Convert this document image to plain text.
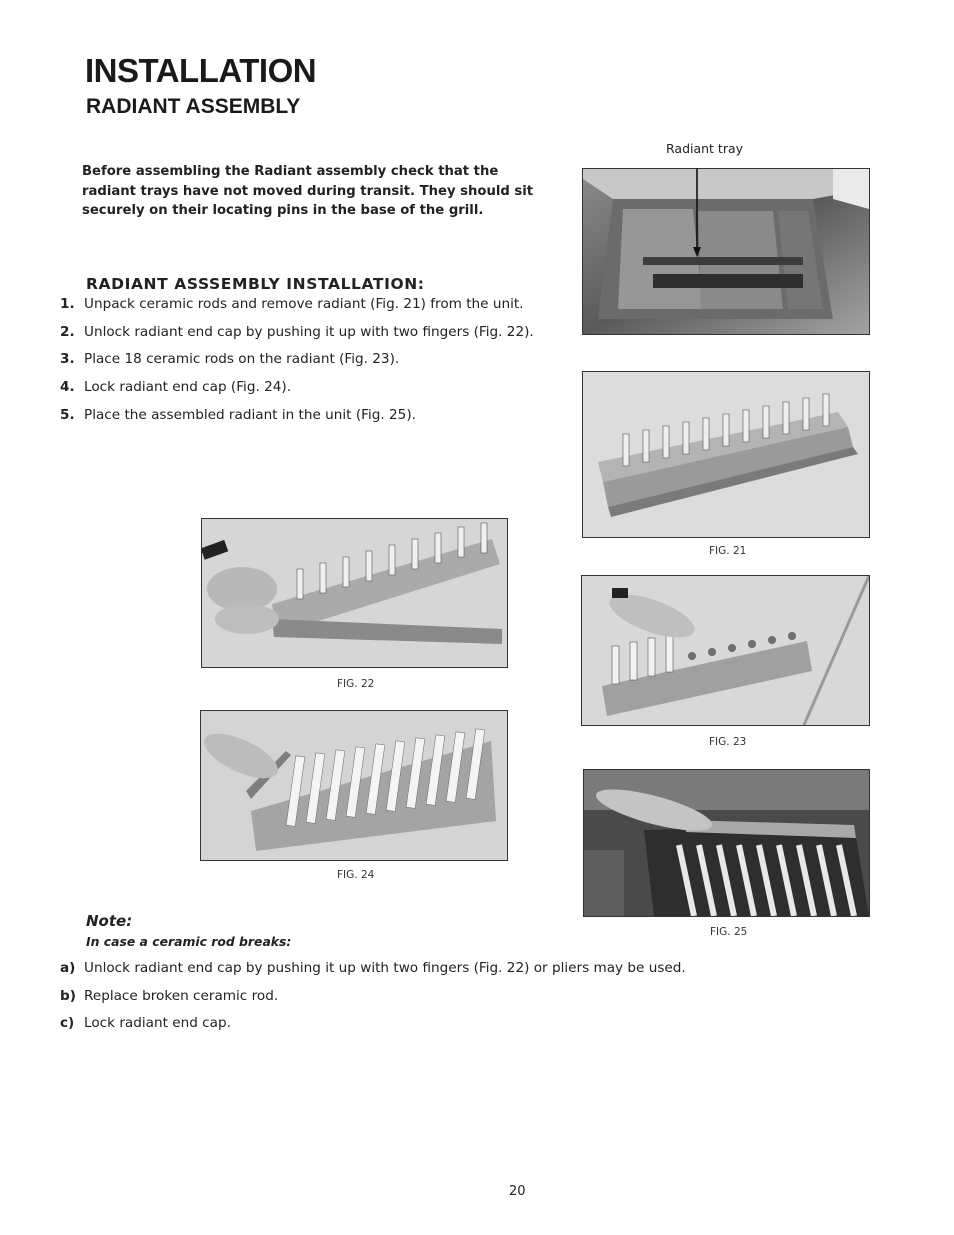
INSTALLATION
RADIANT ASSEMBLY
Before assembling the Radiant assembly check that the radiant trays have not moved during transit. They should sit securely on their locating pins in the base of the grill.
RADIANT ASSSEMBLY INSTALLATION:
1. Unpack ceramic rods and remove radiant (Fig. 21) from the unit.
2. Unlock radiant end cap by pushing it up with two fingers (Fig. 22).
3. Place 18 ceramic rods on the radiant (Fig. 23).
4. Lock radiant end cap (Fig. 24).
5. Place the assembled radiant in the unit (Fig. 25).
Radiant tray
FIG. 21
FIG. 22
FIG. 23
FIG. 24
FIG. 25
Note:
In case a ceramic rod breaks:
a) Unlock radiant end cap by pushing it up with two fingers (Fig. 22) or pliers may be used.
b) Replace broken ceramic rod.
c) Lock radiant end cap.
20
